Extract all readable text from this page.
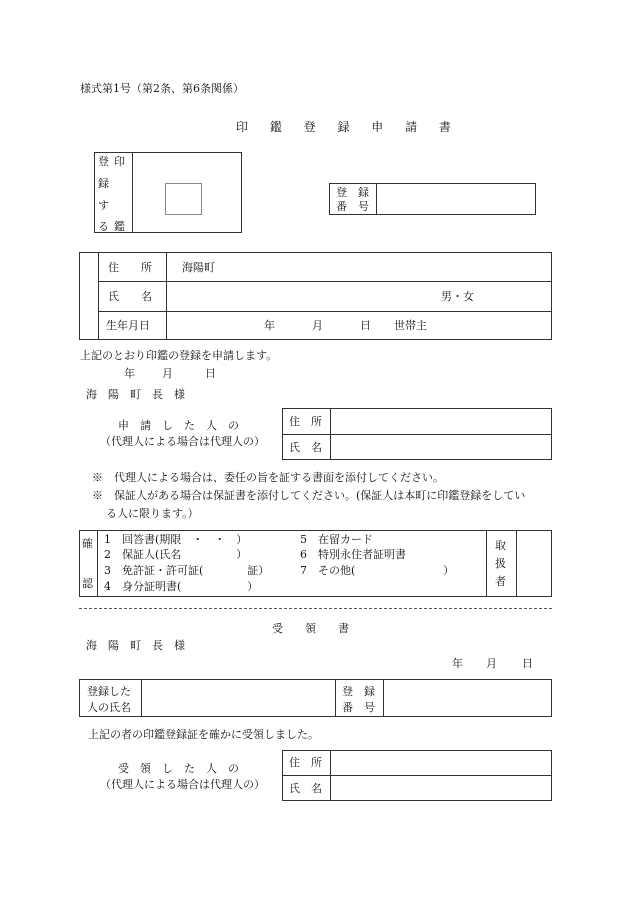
様式第1号（第2条、第6条関係）
印 鑑 登 録 申 請 書
登 印
録
す
る 鑑
登　録
番　号
住　　所	海陽町
氏　　名	男・女
生年月日	年	月	日 世帯主
上記のとおり印鑑の登録を申請します。
年 月	日
海　陽　町　長　様
申　請　し　た　人　の
（代理人による場合は代理人の）
住　所
氏　名
※　代理人による場合は、委任の旨を証する書面を添付してください。
※　保証人がある場合は保証書を添付してください。(保証人は本町に印鑑登録をしてい
る人に限ります。）
確
認
1　回答書(期限　・　・　）
2　保証人(氏名　　　　　）
3　免許証・許可証(　　　　証）
4　身分証明書(　　　　　　）
5　在留カード
6　特別永住者証明書
7　その他(　　　　　　　　）
取
扱
者
受　　領　　書
海　陽　町　長　様
年 月 日
登録した
人の氏名
登　録
番　号
上記の者の印鑑登録証を確かに受領しました。
受　領　し　た　人　の
（代理人による場合は代理人の）
住　所
氏　名
